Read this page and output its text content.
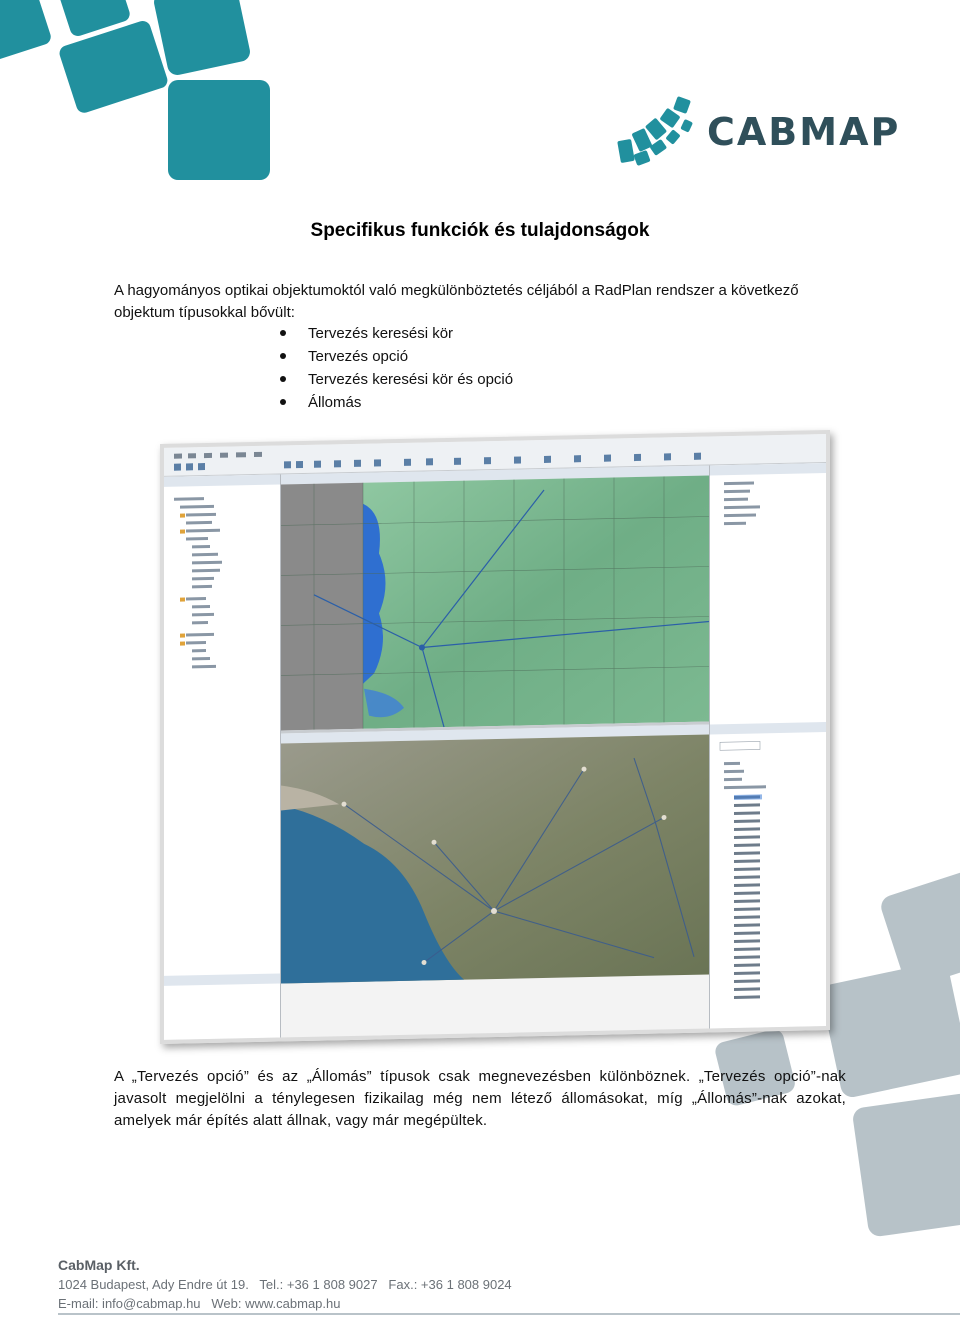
CABMAP
Specifikus funkciók és tulajdonságok
A hagyományos optikai objektumoktól való megkülönböztetés céljából a RadPlan rendszer a következő objektum típusokkal bővült:
Tervezés keresési kör
Tervezés opció
Tervezés keresési kör és opció
Állomás
A „Tervezés opció” és az „Állomás” típusok csak megnevezésben különböznek. „Tervezés opció”-nak javasolt megjelölni a ténylegesen fizikailag még nem létező állomásokat, míg „Állomás”-nak azokat, amelyek már építés alatt állnak, vagy már megépültek.
CabMap Kft.
1024 Budapest, Ady Endre út 19.   Tel.: +36 1 808 9027   Fax.: +36 1 808 9024
E-mail: info@cabmap.hu   Web: www.cabmap.hu
